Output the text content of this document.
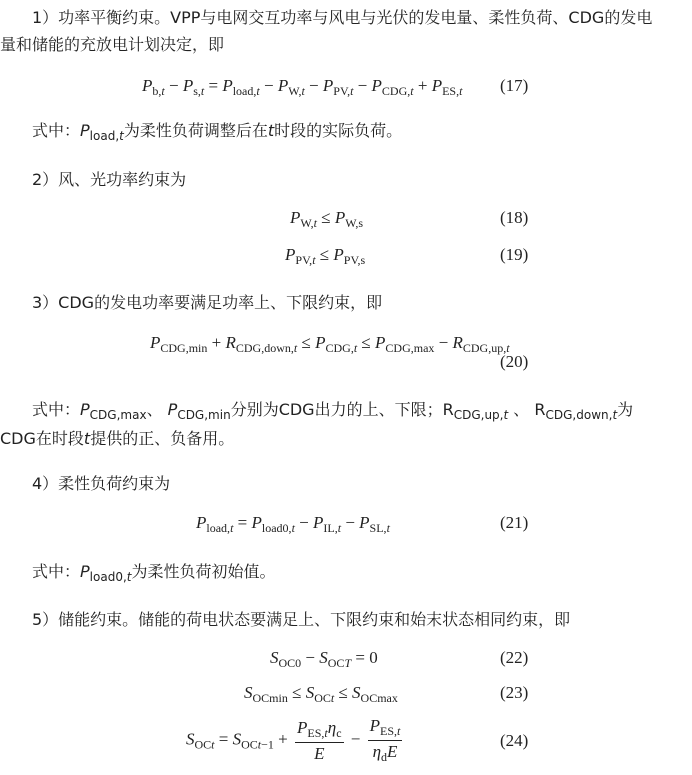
1）功率平衡约束。VPP与电网交互功率与风电与光伏的发电量、柔性负荷、CDG的发电
量和储能的充放电计划决定，即
$P_{b,t} - P_{s,t} = P_{load,t} - P_{W,t} - P_{PV,t} - P_{CDG,t} + P_{ES,t}$ (17)
式中：$P_{load,t}$为柔性负荷调整后在t时段的实际负荷。
2）风、光功率约束为
$P_{W,t} \le P_{W,s}$	(18)
$P_{PV,t} \le P_{PV,s}$	(19)
3）CDG的发电功率要满足功率上、下限约束，即
$P_{CDG,min} + R_{CDG,down,t} \le P_{CDG,t} \le P_{CDG,max} - R_{CDG,up,t}$
(20)
式中：$P_{CDG,max}$、 $P_{CDG,min}$分别为CDG出力的上、下限；$R_{CDG,up,t}$ 、 $R_{CDG,down,t}$为
CDG在时段t提供的正、负备用。
4）柔性负荷约束为
$P_{load,t} = P_{load0,t} - P_{IL,t} - P_{SL,t}$	(21)
式中：$P_{load0,t}$为柔性负荷初始值。
5）储能约束。储能的荷电状态要满足上、下限约束和始末状态相同约束，即
$S_{OC0} - S_{OCT} = 0$	(22)
$S_{OCmin} \le S_{OCt} \le S_{OCmax}$	(23)
$S_{OCt} = S_{OCt-1} + \frac{P_{ES,t}\eta_c}{E} - \frac{P_{ES,t}}{\eta_dE}$	(24)
